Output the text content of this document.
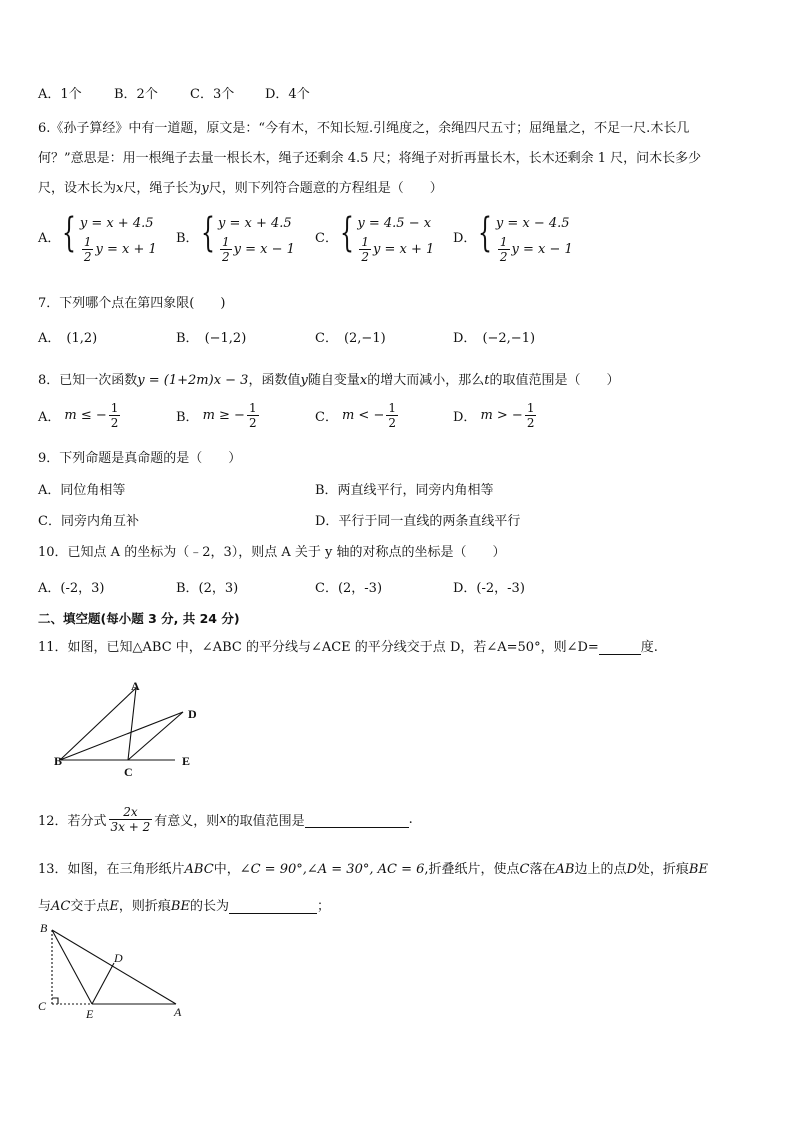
A．1个 B．2个 C．3个 D．4个
6.《孙子算经》中有一道题，原文是：“今有木，不知长短.引绳度之，余绳四尺五寸；屈绳量之，不足一尺.木长几
何？”意思是：用一根绳子去量一根长木，绳子还剩余 4.5 尺；将绳子对折再量长木，长木还剩余 1 尺，问木长多少
尺，设木长为x尺，绳子长为y尺，则下列符合题意的方程组是（　　）
A． { y = x + 4.5
$\frac{1}{2}$ y = x + 1
B． { y = x + 4.5
$\frac{1}{2}$ y = x − 1
C． { y = 4.5 − x
$\frac{1}{2}$ y = x + 1
D． { y = x − 4.5
$\frac{1}{2}$ y = x − 1
7．下列哪个点在第四象限(　　)
A． (1,2)	B． (−1,2)	C． (2,−1)	D． (−2,−1)
8．已知一次函数y = (1+2m)x − 3，函数值y随自变量x的增大而减小，那么t的取值范围是（　　）
A． m ≤ − $\frac{1}{2}$	B． m ≥ − $\frac{1}{2}$	C． m < − $\frac{1}{2}$	D． m > − $\frac{1}{2}$
9．下列命题是真命题的是（　　）
A．同位角相等	B．两直线平行，同旁内角相等
C．同旁内角互补	D．平行于同一直线的两条直线平行
10．已知点 A 的坐标为（﹣2，3），则点 A 关于 y 轴的对称点的坐标是（　　）
A．(-2，3)	B．(2，3)	C．(2，-3)	D．(-2，-3)
二、填空题(每小题 3 分, 共 24 分)
11．如图，已知△ABC 中，∠ABC 的平分线与∠ACE 的平分线交于点 D，若∠A=50°，则∠D=	度.
A
B
C
D
E
12．若分式 $\frac{2x}{3x + 2}$ 有意义，则 x 的取值范围是	.
13．如图，在三角形纸片ABC中，∠C = 90°,∠A = 30°, AC = 6,折叠纸片，使点C落在AB边上的点D处，折痕BE
与AC交于点E，则折痕BE的长为	；
B
D
C
E	A
